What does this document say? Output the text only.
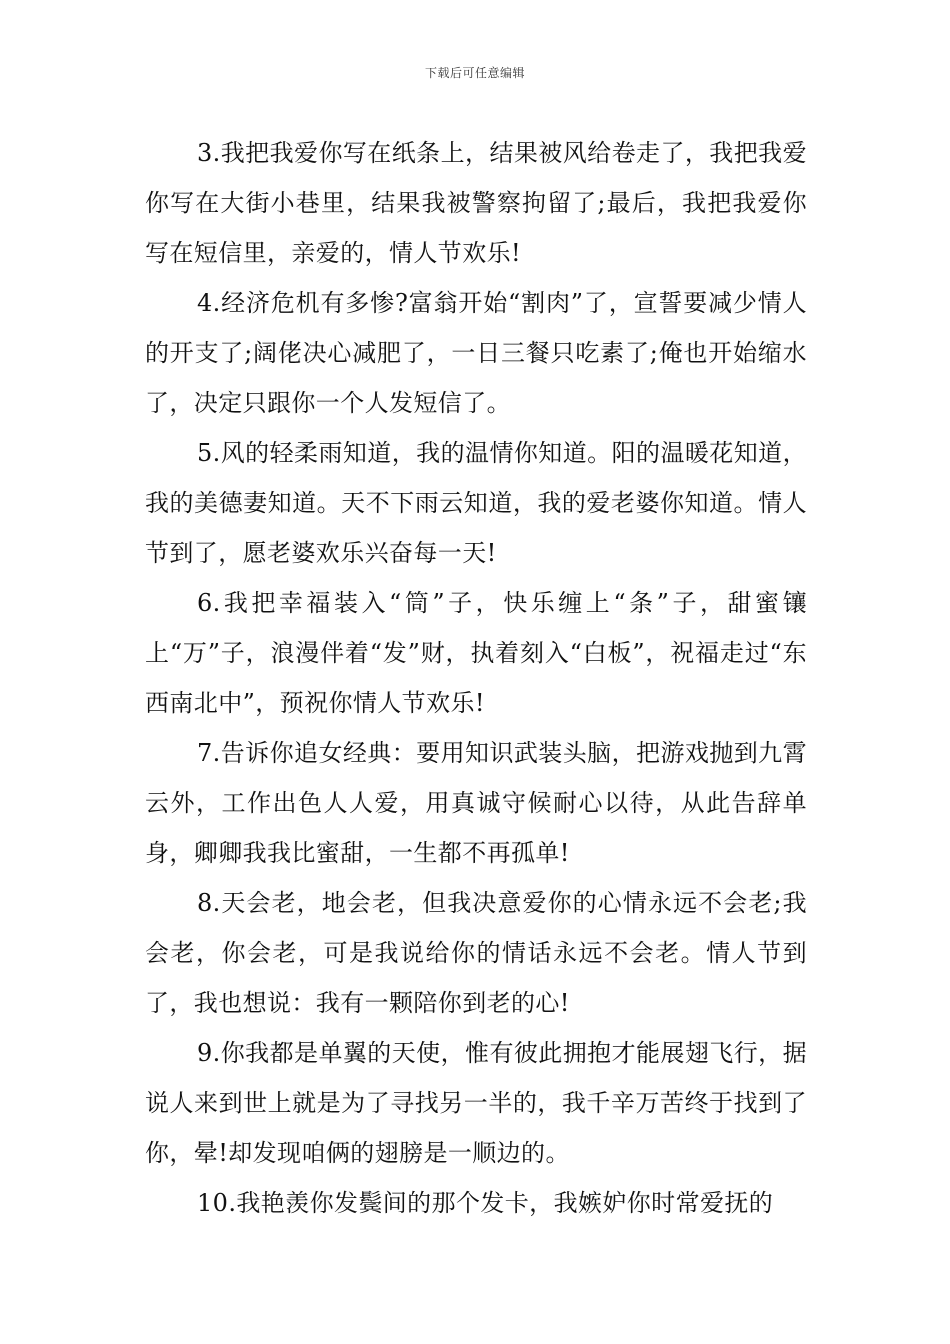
下载后可任意编辑

3.我把我爱你写在纸条上，结果被风给卷走了，我把我爱你写在大街小巷里，结果我被警察拘留了;最后，我把我爱你写在短信里，亲爱的，情人节欢乐!

4.经济危机有多惨?富翁开始“割肉”了，宣誓要减少情人的开支了;阔佬决心减肥了，一日三餐只吃素了;俺也开始缩水了，决定只跟你一个人发短信了。

5.风的轻柔雨知道，我的温情你知道。阳的温暖花知道，我的美德妻知道。天不下雨云知道，我的爱老婆你知道。情人节到了，愿老婆欢乐兴奋每一天!

6.我把幸福装入“筒”子，快乐缠上“条”子，甜蜜镶上“万”子，浪漫伴着“发”财，执着刻入“白板”，祝福走过“东西南北中”，预祝你情人节欢乐!

7.告诉你追女经典：要用知识武装头脑，把游戏抛到九霄云外，工作出色人人爱，用真诚守候耐心以待，从此告辞单身，卿卿我我比蜜甜，一生都不再孤单!

8.天会老，地会老，但我决意爱你的心情永远不会老;我会老，你会老，可是我说给你的情话永远不会老。情人节到了，我也想说：我有一颗陪你到老的心!

9.你我都是单翼的天使，惟有彼此拥抱才能展翅飞行，据说人来到世上就是为了寻找另一半的，我千辛万苦终于找到了你，晕!却发现咱俩的翅膀是一顺边的。

10.我艳羡你发鬓间的那个发卡，我嫉妒你时常爱抚的
